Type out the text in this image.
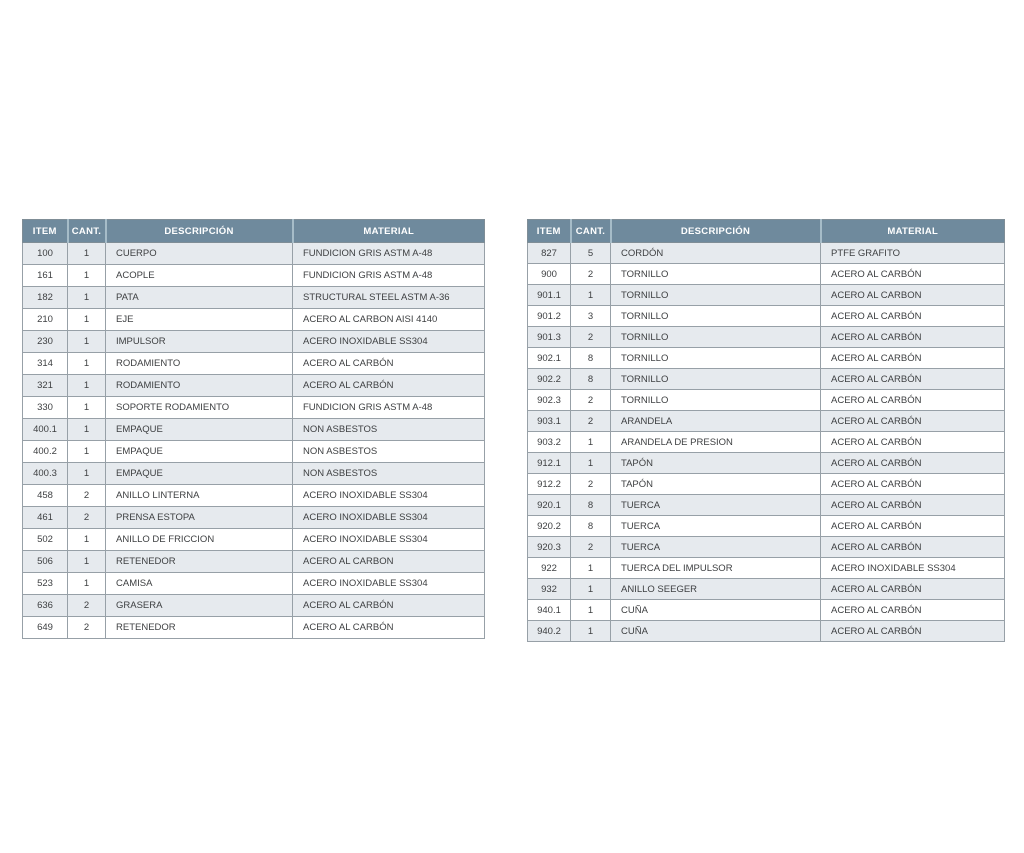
ITEM	CANT.	DESCRIPCIÓN	MATERIAL
100	1	CUERPO	FUNDICION GRIS ASTM A-48
161	1	ACOPLE	FUNDICION GRIS ASTM A-48
182	1	PATA	STRUCTURAL STEEL ASTM A-36
210	1	EJE	ACERO AL CARBON AISI 4140
230	1	IMPULSOR	ACERO INOXIDABLE SS304
314	1	RODAMIENTO	ACERO AL CARBÓN
321	1	RODAMIENTO	ACERO AL CARBÓN
330	1	SOPORTE RODAMIENTO	FUNDICION GRIS ASTM A-48
400.1	1	EMPAQUE	NON ASBESTOS
400.2	1	EMPAQUE	NON ASBESTOS
400.3	1	EMPAQUE	NON ASBESTOS
458	2	ANILLO LINTERNA	ACERO INOXIDABLE SS304
461	2	PRENSA ESTOPA	ACERO INOXIDABLE SS304
502	1	ANILLO DE FRICCION	ACERO INOXIDABLE SS304
506	1	RETENEDOR	ACERO AL CARBON
523	1	CAMISA	ACERO INOXIDABLE SS304
636	2	GRASERA	ACERO AL CARBÓN
649	2	RETENEDOR	ACERO AL CARBÓN
ITEM	CANT.	DESCRIPCIÓN	MATERIAL
827	5	CORDÓN	PTFE GRAFITO
900	2	TORNILLO	ACERO AL CARBÓN
901.1	1	TORNILLO	ACERO AL CARBON
901.2	3	TORNILLO	ACERO AL CARBÓN
901.3	2	TORNILLO	ACERO AL CARBÓN
902.1	8	TORNILLO	ACERO AL CARBÓN
902.2	8	TORNILLO	ACERO AL CARBÓN
902.3	2	TORNILLO	ACERO AL CARBÓN
903.1	2	ARANDELA	ACERO AL CARBÓN
903.2	1	ARANDELA DE PRESION	ACERO AL CARBÓN
912.1	1	TAPÓN	ACERO AL CARBÓN
912.2	2	TAPÓN	ACERO AL CARBÓN
920.1	8	TUERCA	ACERO AL CARBÓN
920.2	8	TUERCA	ACERO AL CARBÓN
920.3	2	TUERCA	ACERO AL CARBÓN
922	1	TUERCA DEL IMPULSOR	ACERO INOXIDABLE SS304
932	1	ANILLO SEEGER	ACERO AL CARBÓN
940.1	1	CUÑA	ACERO AL CARBÓN
940.2	1	CUÑA	ACERO AL CARBÓN
